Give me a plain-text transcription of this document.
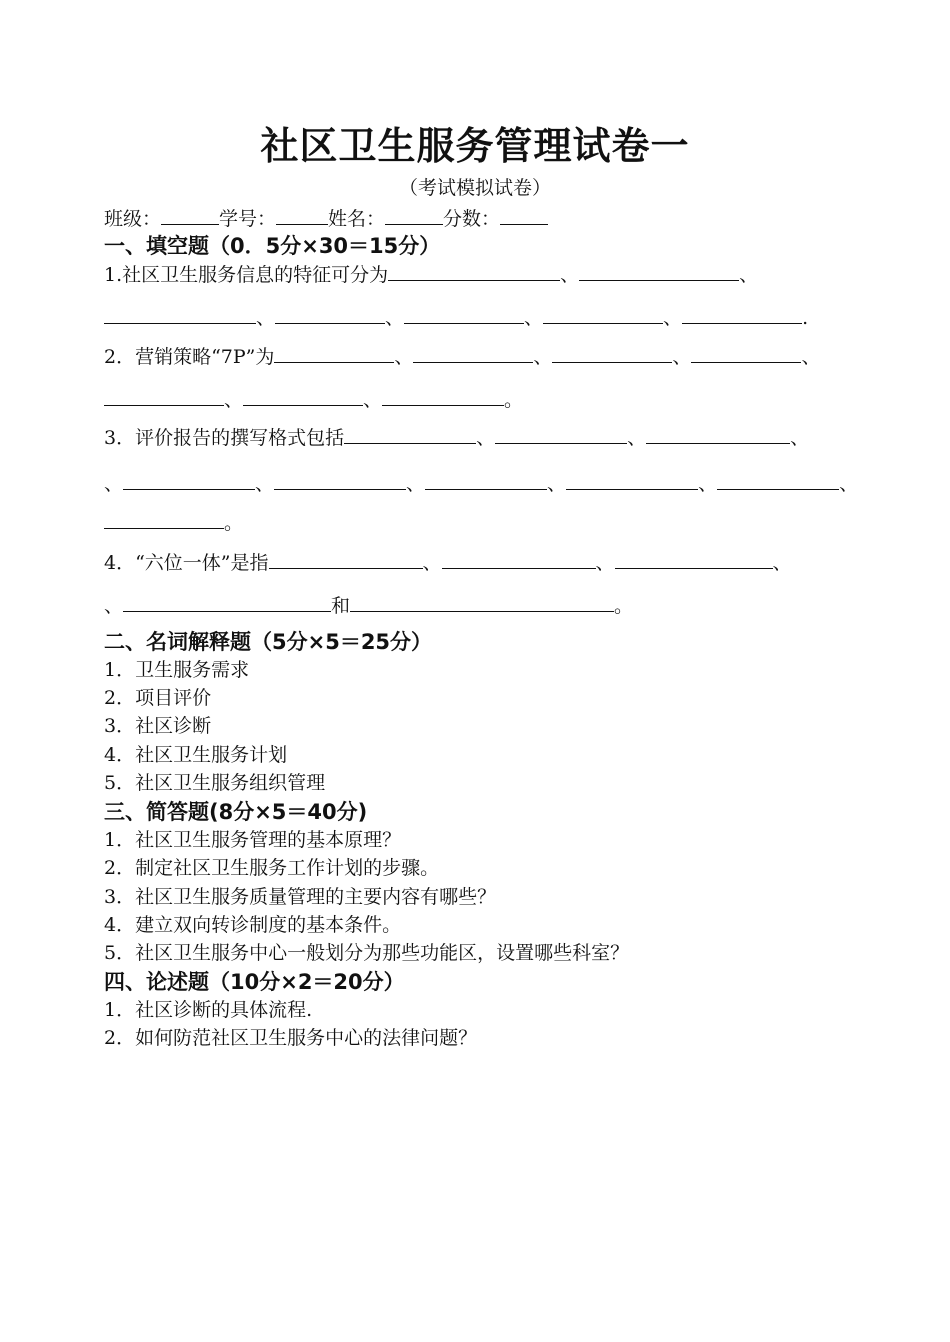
社区卫生服务管理试卷一
（考试模拟试卷）
班级：	学号：	姓名：	分数：
一、填空题（0．5分×30＝15分）
1.社区卫生服务信息的特征可分为	、	、
、	、	、	、	.
2．营销策略“7P”为	、	、	、	、
、	、	。
3．评价报告的撰写格式包括	、	、	、
、	、	、	、	、	、
。
4．“六位一体”是指	、	、	、
、	和	。
二、名词解释题（5分×5＝25分）
1．卫生服务需求
2．项目评价
3．社区诊断
4．社区卫生服务计划
5．社区卫生服务组织管理
三、简答题(8分×5＝40分)
1．社区卫生服务管理的基本原理？
2．制定社区卫生服务工作计划的步骤。
3．社区卫生服务质量管理的主要内容有哪些？
4．建立双向转诊制度的基本条件。
5．社区卫生服务中心一般划分为那些功能区，设置哪些科室？
四、论述题（10分×2＝20分）
1．社区诊断的具体流程.
2．如何防范社区卫生服务中心的法律问题？
